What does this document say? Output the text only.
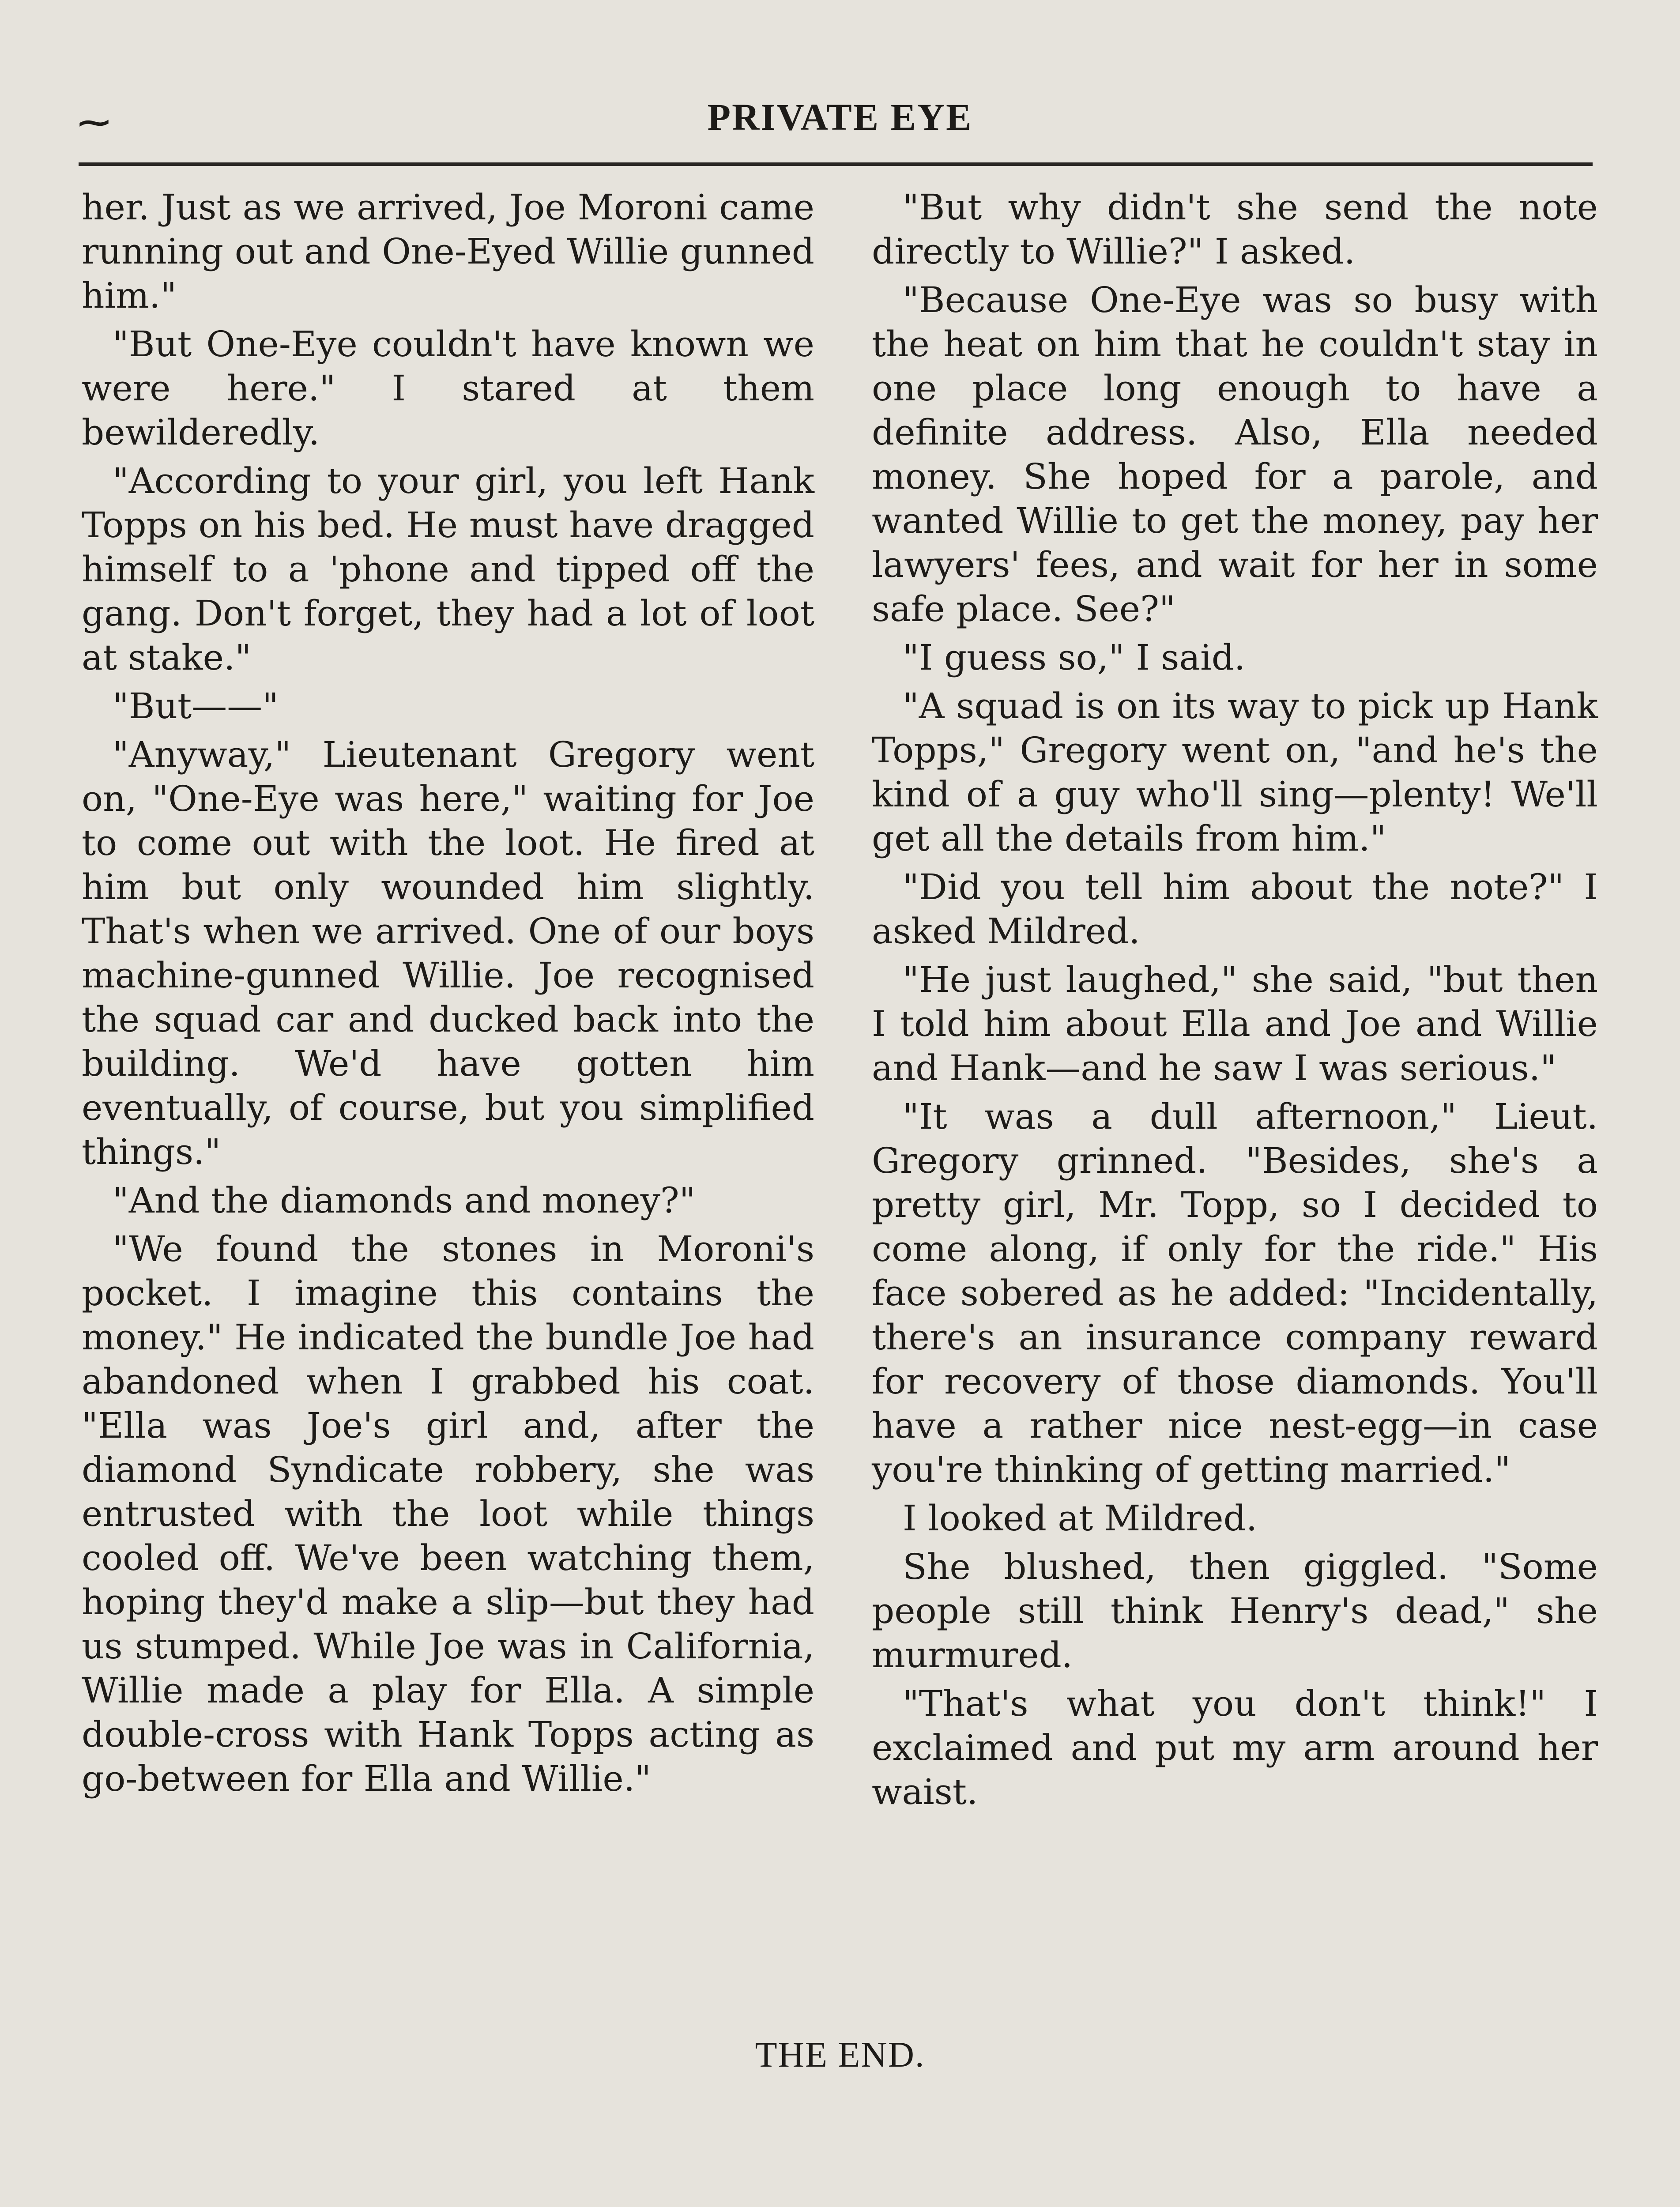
⁓	PRIVATE EYE

her. Just as we arrived, Joe Moroni came running out and One-Eyed Willie gunned him."

"But One-Eye couldn't have known we were here." I stared at them bewilderedly.

"According to your girl, you left Hank Topps on his bed. He must have dragged himself to a 'phone and tipped off the gang. Don't forget, they had a lot of loot at stake."

"But——"

"Anyway," Lieutenant Gregory went on, "One-Eye was here," waiting for Joe to come out with the loot. He fired at him but only wounded him slightly. That's when we arrived. One of our boys machine-gunned Willie. Joe recognised the squad car and ducked back into the building. We'd have gotten him eventually, of course, but you simplified things."

"And the diamonds and money?"

"We found the stones in Moroni's pocket. I imagine this contains the money." He indicated the bundle Joe had abandoned when I grabbed his coat. "Ella was Joe's girl and, after the diamond Syndicate robbery, she was entrusted with the loot while things cooled off. We've been watching them, hoping they'd make a slip—but they had us stumped. While Joe was in California, Willie made a play for Ella. A simple double-cross with Hank Topps acting as go-between for Ella and Willie."

"But why didn't she send the note directly to Willie?" I asked.

"Because One-Eye was so busy with the heat on him that he couldn't stay in one place long enough to have a definite address. Also, Ella needed money. She hoped for a parole, and wanted Willie to get the money, pay her lawyers' fees, and wait for her in some safe place. See?"

"I guess so," I said.

"A squad is on its way to pick up Hank Topps," Gregory went on, "and he's the kind of a guy who'll sing—plenty! We'll get all the details from him."

"Did you tell him about the note?" I asked Mildred.

"He just laughed," she said, "but then I told him about Ella and Joe and Willie and Hank—and he saw I was serious."

"It was a dull afternoon," Lieut. Gregory grinned. "Besides, she's a pretty girl, Mr. Topp, so I decided to come along, if only for the ride." His face sobered as he added: "Incidentally, there's an insurance company reward for recovery of those diamonds. You'll have a rather nice nest-egg—in case you're thinking of getting married."

I looked at Mildred.

She blushed, then giggled. "Some people still think Henry's dead," she murmured.

"That's what you don't think!" I exclaimed and put my arm around her waist.

THE END.
